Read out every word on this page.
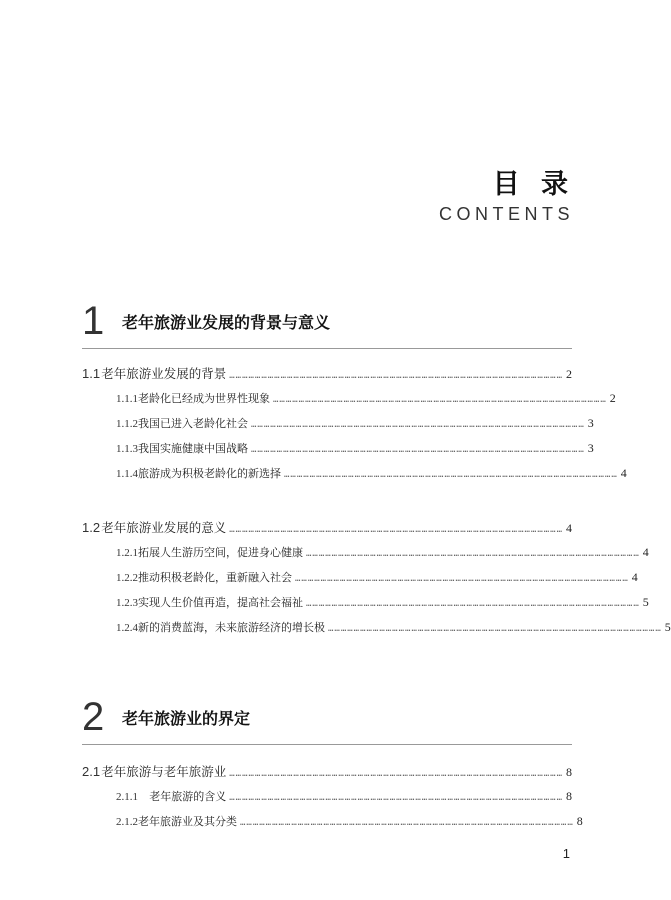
目 录
CONTENTS
1	老年旅游业发展的背景与意义
1.1 老年旅游业发展的背景 ………………………………………………………………………………………………………………………………………… 2
1.1.1 老龄化已经成为世界性现象 ………………………………………………………………………………………………………………………………………… 2
1.1.2 我国已进入老龄化社会 ………………………………………………………………………………………………………………………………………… 3
1.1.3 我国实施健康中国战略 ………………………………………………………………………………………………………………………………………… 3
1.1.4 旅游成为积极老龄化的新选择 ………………………………………………………………………………………………………………………………………… 4
1.2 老年旅游业发展的意义 ………………………………………………………………………………………………………………………………………… 4
1.2.1 拓展人生游历空间，促进身心健康 ………………………………………………………………………………………………………………………………………… 4
1.2.2 推动积极老龄化，重新融入社会 ………………………………………………………………………………………………………………………………………… 4
1.2.3 实现人生价值再造，提高社会福祉 ………………………………………………………………………………………………………………………………………… 5
1.2.4 新的消费蓝海，未来旅游经济的增长极 ………………………………………………………………………………………………………………………………………… 5
2	老年旅游业的界定
2.1 老年旅游与老年旅游业 ………………………………………………………………………………………………………………………………………… 8
2.1.1	老年旅游的含义 ………………………………………………………………………………………………………………………………………… 8
2.1.2 老年旅游业及其分类 ………………………………………………………………………………………………………………………………………… 8
1
